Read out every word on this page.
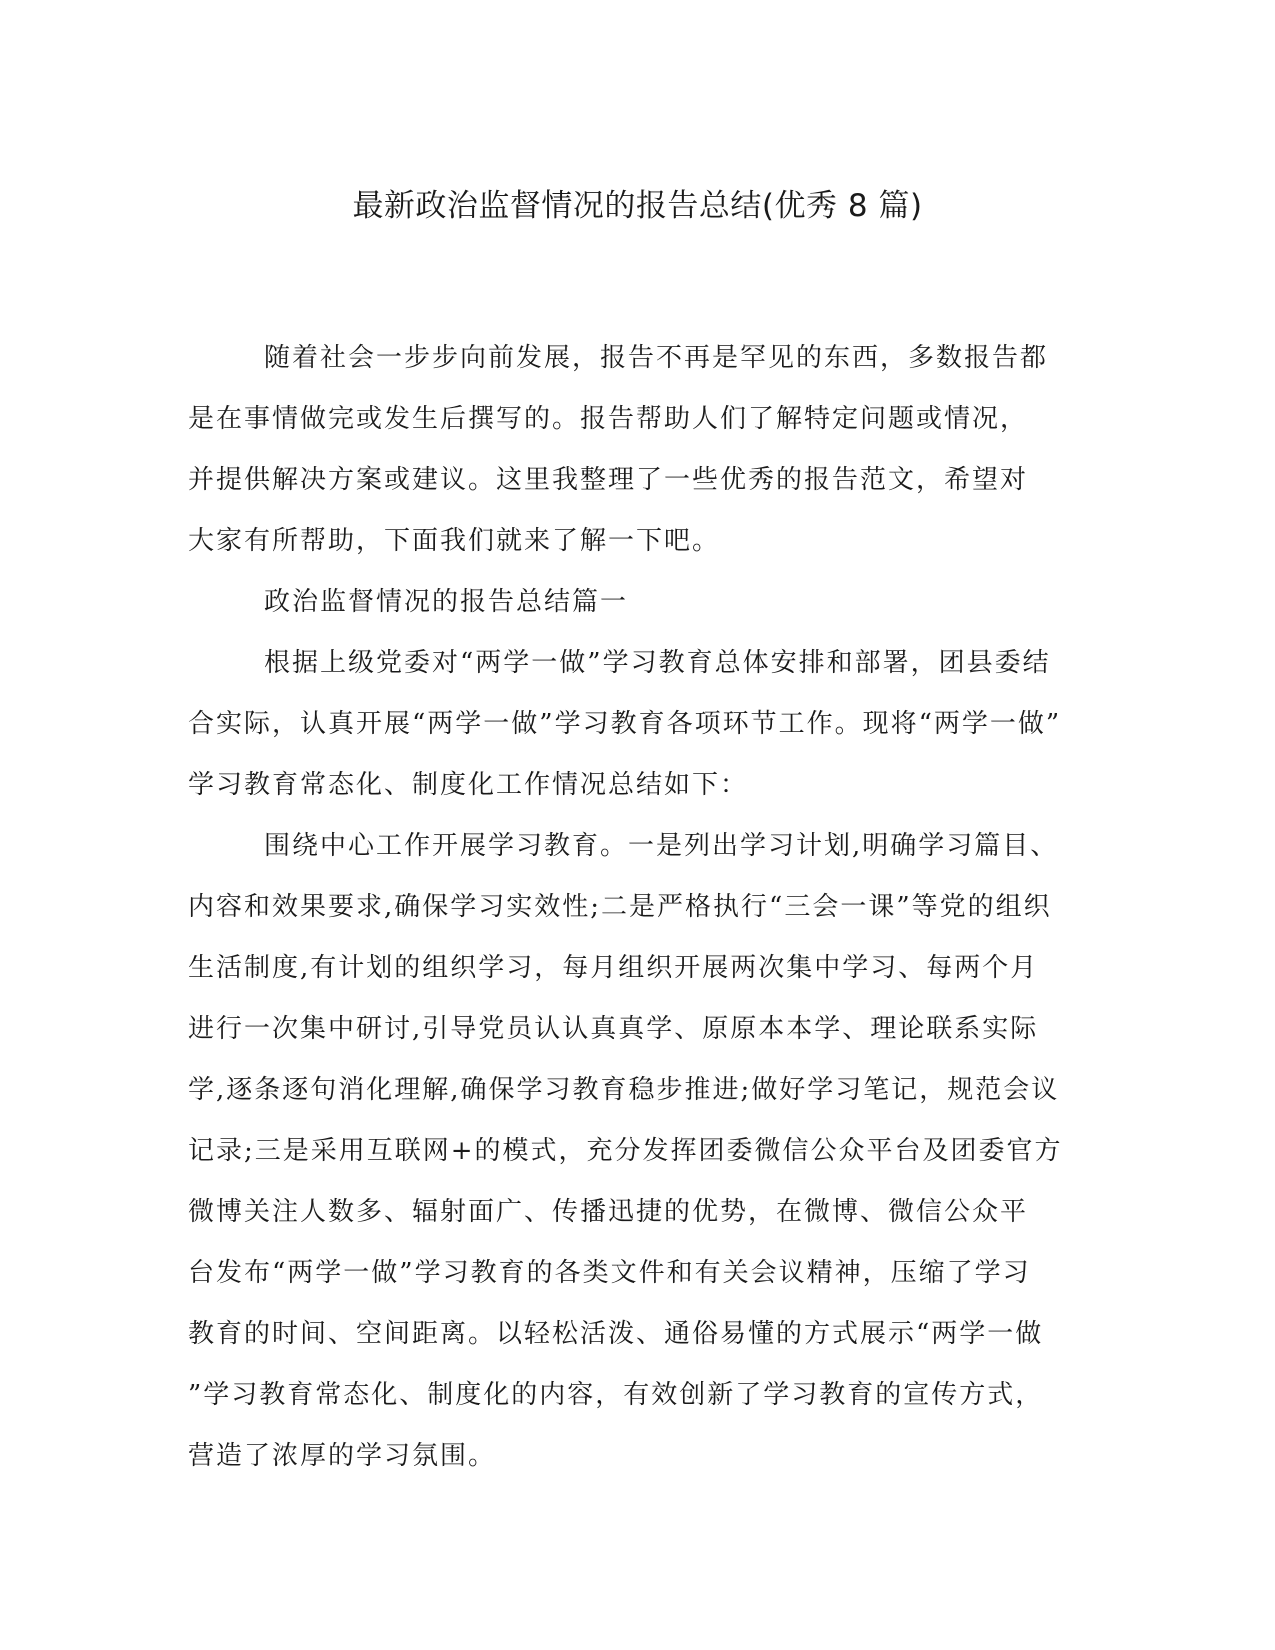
最新政治监督情况的报告总结(优秀 8 篇)
随着社会一步步向前发展，报告不再是罕见的东西，多数报告都
是在事情做完或发生后撰写的。报告帮助人们了解特定问题或情况，
并提供解决方案或建议。这里我整理了一些优秀的报告范文，希望对
大家有所帮助，下面我们就来了解一下吧。
政治监督情况的报告总结篇一
根据上级党委对“两学一做”学习教育总体安排和部署，团县委结
合实际，认真开展“两学一做”学习教育各项环节工作。现将“两学一做”
学习教育常态化、制度化工作情况总结如下：
围绕中心工作开展学习教育。一是列出学习计划,明确学习篇目、
内容和效果要求,确保学习实效性;二是严格执行“三会一课”等党的组织
生活制度,有计划的组织学习，每月组织开展两次集中学习、每两个月
进行一次集中研讨,引导党员认认真真学、原原本本学、理论联系实际
学,逐条逐句消化理解,确保学习教育稳步推进;做好学习笔记，规范会议
记录;三是采用互联网+的模式，充分发挥团委微信公众平台及团委官方
微博关注人数多、辐射面广、传播迅捷的优势，在微博、微信公众平
台发布“两学一做”学习教育的各类文件和有关会议精神，压缩了学习
教育的时间、空间距离。以轻松活泼、通俗易懂的方式展示“两学一做
”学习教育常态化、制度化的内容，有效创新了学习教育的宣传方式，
营造了浓厚的学习氛围。
